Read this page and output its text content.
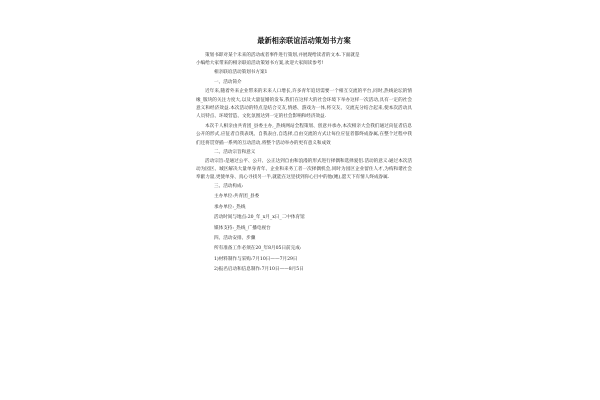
最新相亲联谊活动策划书方案

策划书即对某个未来的活动或者事件进行策划,并展现给读者的文本.下面就是

小编给大家带来的相亲联谊活动策划书方案,欢迎大家阅读参考!

相亲联谊活动策划书方案1
一、活动简介

近年来,随着外来企业带来的未来人口增长,许多青年追切需要一个相互交流的平台,同时,热线论坛的情缘_版块的关注力度大,以及大量征婚的发布,我们在这样大的社会环境下举办这样一次活动,具有一定的社会意义和经济效益.本次活动的特点是结合交友,情感、游戏为一体,将交友、交流充分结合起来,使本次活动具人员特点、环境营造、文化氛围达到一定的社会影响和经济效益.

本次千人相亲由共青团_县委主办,_热线网站全程策划、创意并承办,本次相亲大会我们通过向征者信息公开的形式,应征者自我表现、自我表白,自选择,自由交流的方式让每位应征者都终成眷属,在整个过程中我们还将贯穿插一系列的互动活动,将整个活动举办的更有意义和成效

二、活动宗旨和意义

活动宗旨:是通过公平、公开、公正达到自由和浪漫的形式进行择偶和选择爱侣.活动的意义:通过本次活动为园区、城区解决大量单身青年、企业和来务工者一次择偶机会,同时为园区企业留住人才,为构和谐社会奉献力量,更使单身、真心寻找另一半,就能在这里找到你心目中的他(她),愿天下有情人终成眷属.

三、活动构成:
主办单位:共青团_县委
承办单位:_热线
活动时间与地点:20_年_x月_x日_二中体育馆
媒体支持:_热线_广播电视台
四、活动安排、步骤
所有准备工作必须在20_年8月05日前完成:
1)材料制作与采购:7月10日——7月29日
2)报名启动和信息制作:7月10日——8月5日
